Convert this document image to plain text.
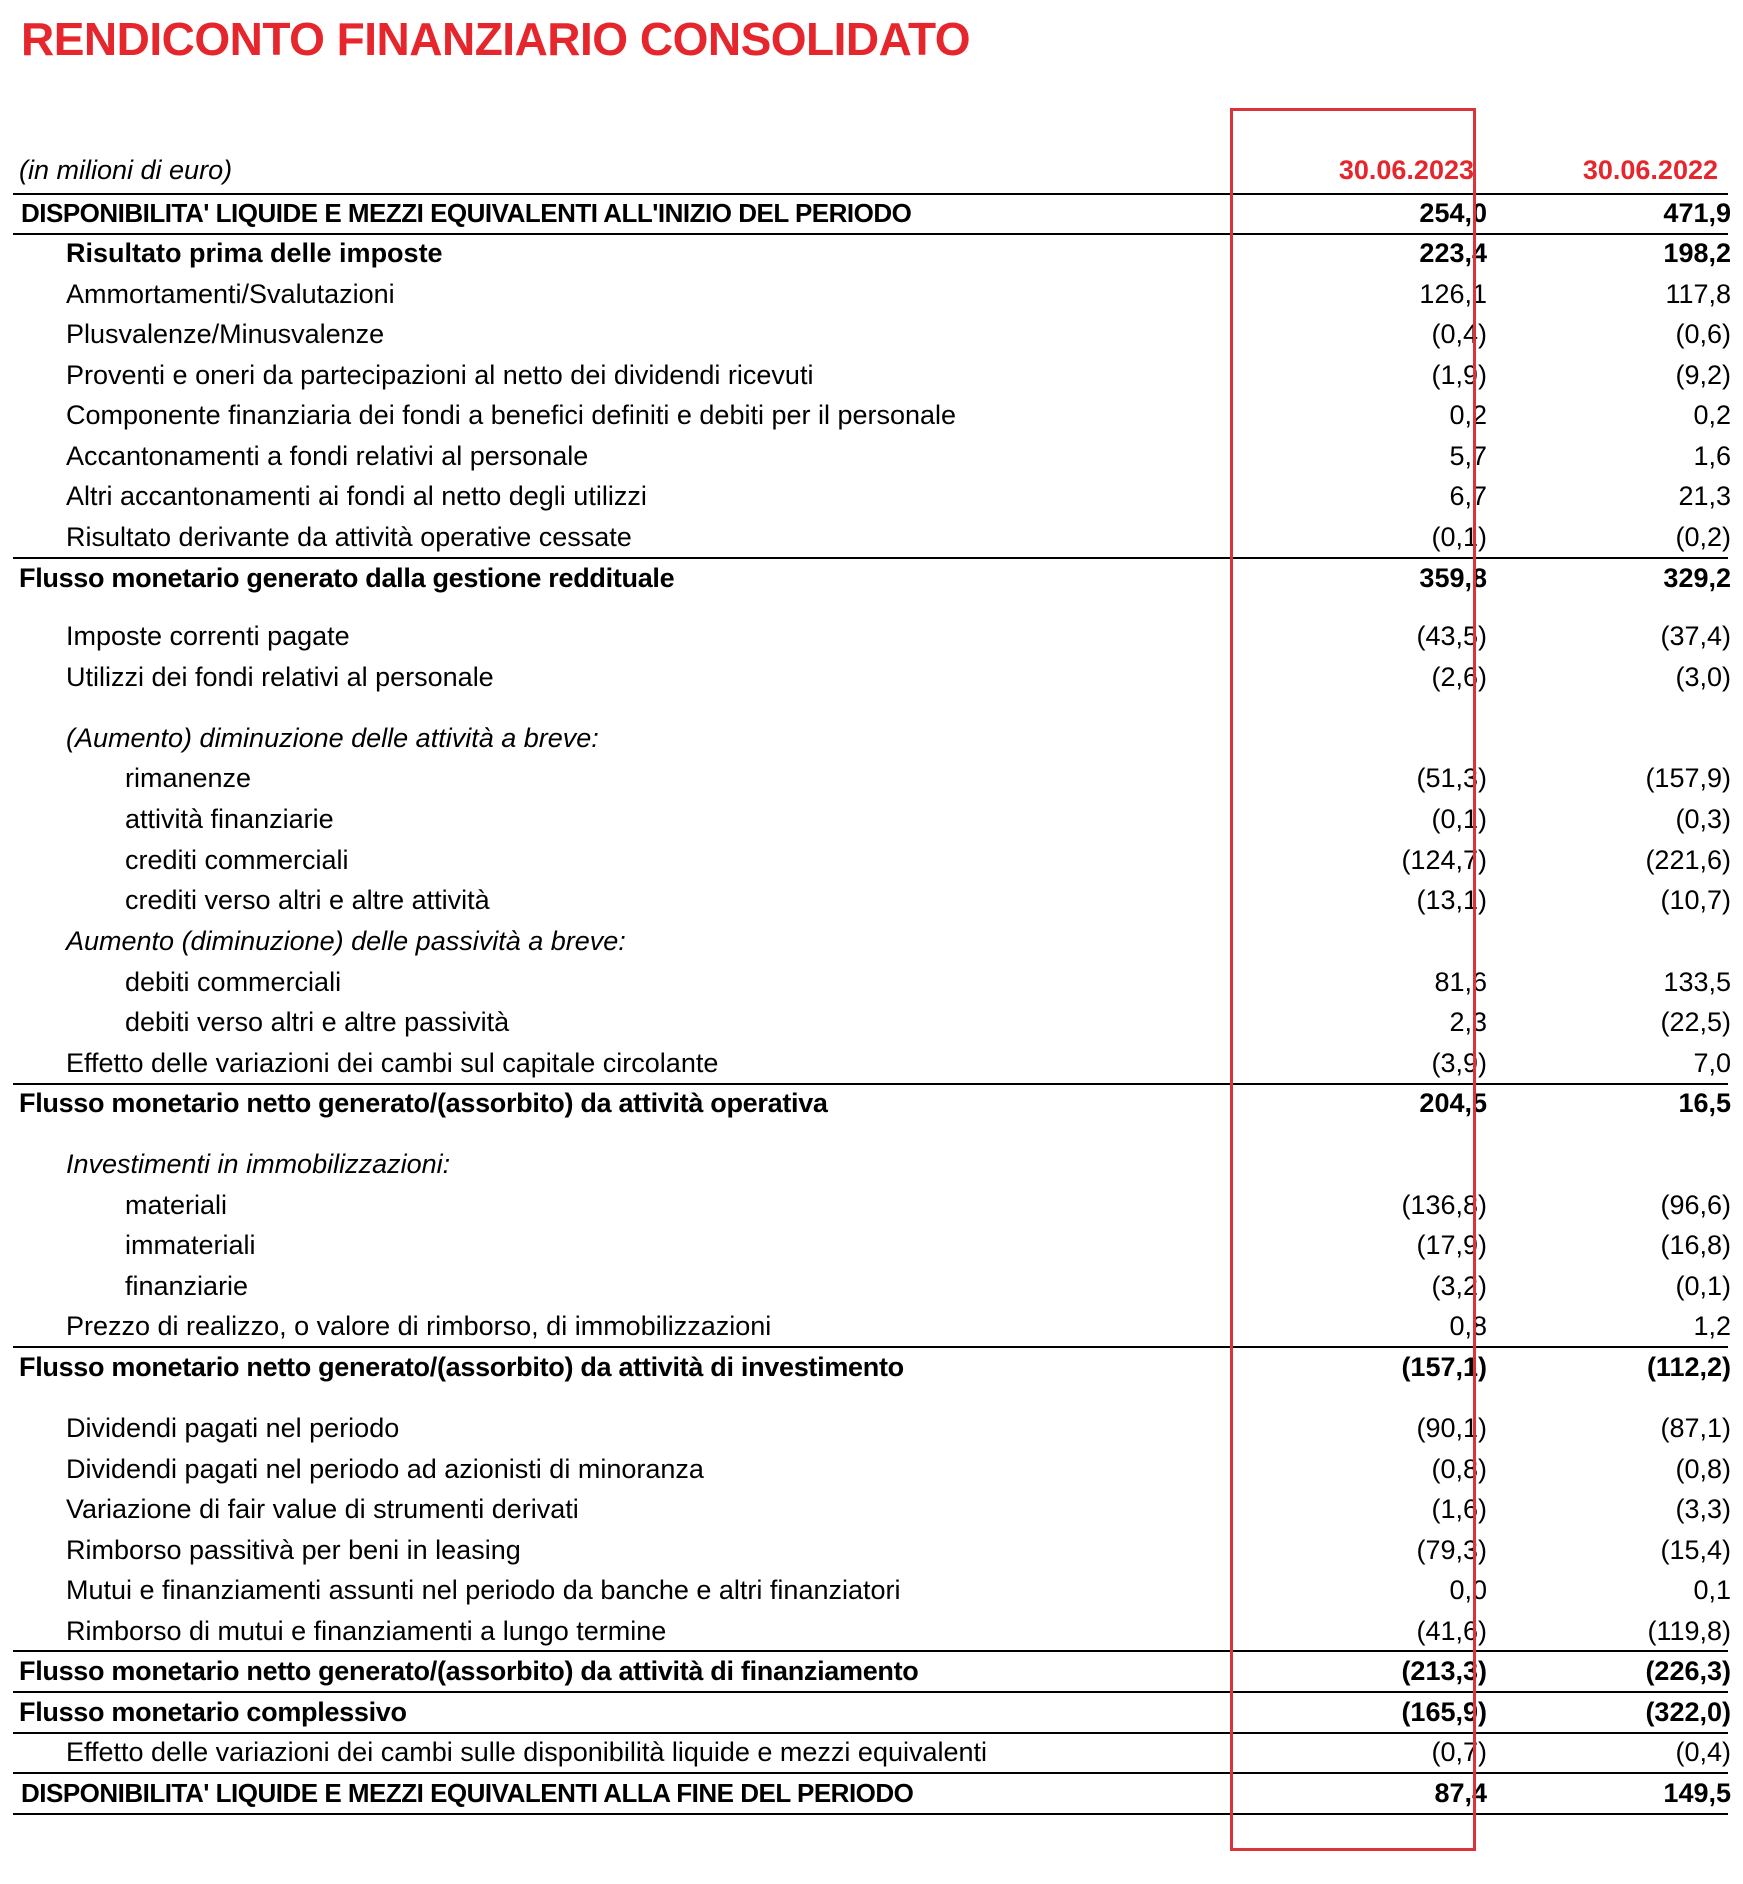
RENDICONTO FINANZIARIO CONSOLIDATO
(in milioni di euro)	30.06.2023	30.06.2022
DISPONIBILITA' LIQUIDE E MEZZI EQUIVALENTI ALL'INIZIO DEL PERIODO	254,0	471,9
Risultato prima delle imposte	223,4	198,2
Ammortamenti/Svalutazioni	126,1	117,8
Plusvalenze/Minusvalenze	(0,4)	(0,6)
Proventi e oneri da partecipazioni al netto dei dividendi ricevuti	(1,9)	(9,2)
Componente finanziaria dei fondi a benefici definiti e debiti per il personale	0,2	0,2
Accantonamenti a fondi relativi al personale	5,7	1,6
Altri accantonamenti ai fondi al netto degli utilizzi	6,7	21,3
Risultato derivante da attività operative cessate	(0,1)	(0,2)
Flusso monetario generato dalla gestione reddituale	359,8	329,2
Imposte correnti pagate	(43,5)	(37,4)
Utilizzi dei fondi relativi al personale	(2,6)	(3,0)
(Aumento) diminuzione delle attività a breve:
rimanenze	(51,3)	(157,9)
attività finanziarie	(0,1)	(0,3)
crediti commerciali	(124,7)	(221,6)
crediti verso altri e altre attività	(13,1)	(10,7)
Aumento (diminuzione) delle passività a breve:
debiti commerciali	81,6	133,5
debiti verso altri e altre passività	2,3	(22,5)
Effetto delle variazioni dei cambi sul capitale circolante	(3,9)	7,0
Flusso monetario netto generato/(assorbito) da attività operativa	204,5	16,5
Investimenti in immobilizzazioni:
materiali	(136,8)	(96,6)
immateriali	(17,9)	(16,8)
finanziarie	(3,2)	(0,1)
Prezzo di realizzo, o valore di rimborso, di immobilizzazioni	0,8	1,2
Flusso monetario netto generato/(assorbito) da attività di investimento	(157,1)	(112,2)
Dividendi pagati nel periodo	(90,1)	(87,1)
Dividendi pagati nel periodo ad azionisti di minoranza	(0,8)	(0,8)
Variazione di fair value di strumenti derivati	(1,6)	(3,3)
Rimborso passitivà per beni in leasing	(79,3)	(15,4)
Mutui e finanziamenti assunti nel periodo da banche e altri finanziatori	0,0	0,1
Rimborso di mutui e finanziamenti a lungo termine	(41,6)	(119,8)
Flusso monetario netto generato/(assorbito) da attività di finanziamento	(213,3)	(226,3)
Flusso monetario complessivo	(165,9)	(322,0)
Effetto delle variazioni dei cambi sulle disponibilità liquide e mezzi equivalenti	(0,7)	(0,4)
DISPONIBILITA' LIQUIDE E MEZZI EQUIVALENTI ALLA FINE DEL PERIODO	87,4	149,5
